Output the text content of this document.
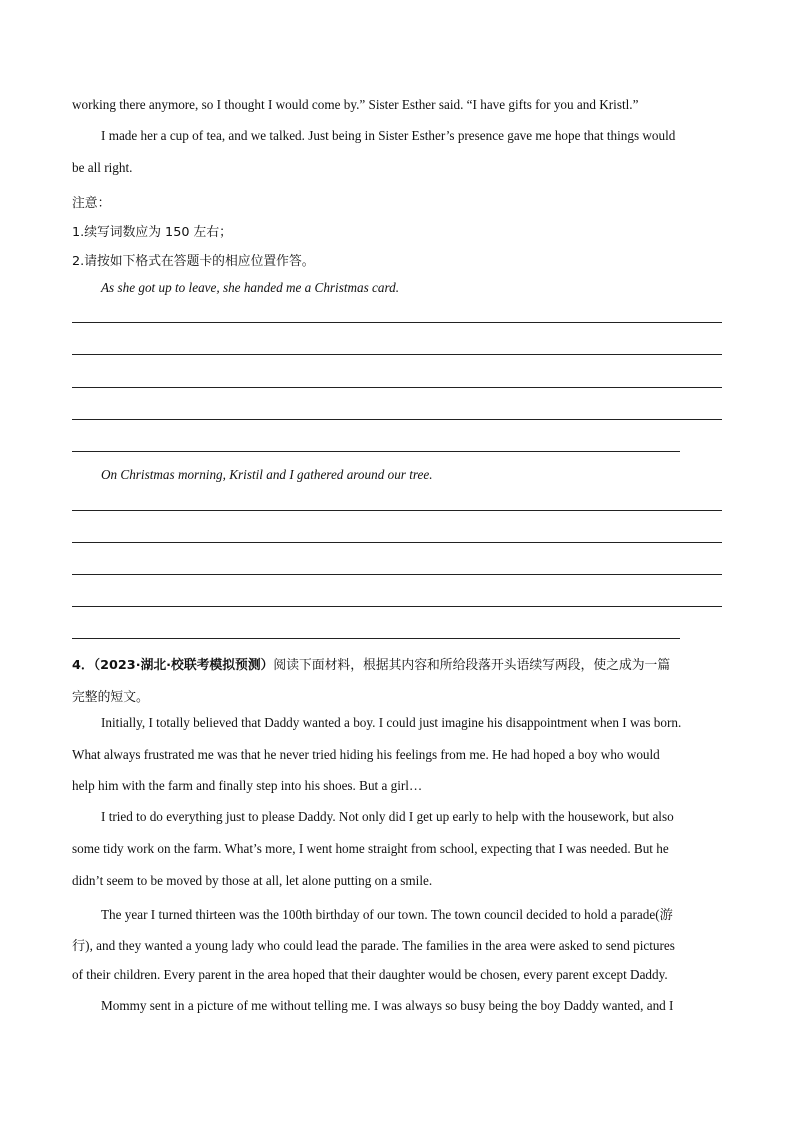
working there anymore, so I thought I would come by.” Sister Esther said. “I have gifts for you and Kristl.”
I made her a cup of tea, and we talked. Just being in Sister Esther’s presence gave me hope that things would
be all right.
注意：
1.续写词数应为 150 左右；
2.请按如下格式在答题卡的相应位置作答。
As she got up to leave, she handed me a Christmas card.
On Christmas morning, Kristil and I gathered around our tree.
4．（2023·湖北·校联考模拟预测）阅读下面材料，根据其内容和所给段落开头语续写两段，使之成为一篇
完整的短文。
Initially, I totally believed that Daddy wanted a boy. I could just imagine his disappointment when I was born.
What always frustrated me was that he never tried hiding his feelings from me. He had hoped a boy who would
help him with the farm and finally step into his shoes. But a girl…
I tried to do everything just to please Daddy. Not only did I get up early to help with the housework, but also
some tidy work on the farm. What’s more, I went home straight from school, expecting that I was needed. But he
didn’t seem to be moved by those at all, let alone putting on a smile.
The year I turned thirteen was the 100th birthday of our town. The town council decided to hold a parade(游
行), and they wanted a young lady who could lead the parade. The families in the area were asked to send pictures
of their children. Every parent in the area hoped that their daughter would be chosen, every parent except Daddy.
Mommy sent in a picture of me without telling me. I was always so busy being the boy Daddy wanted, and I
